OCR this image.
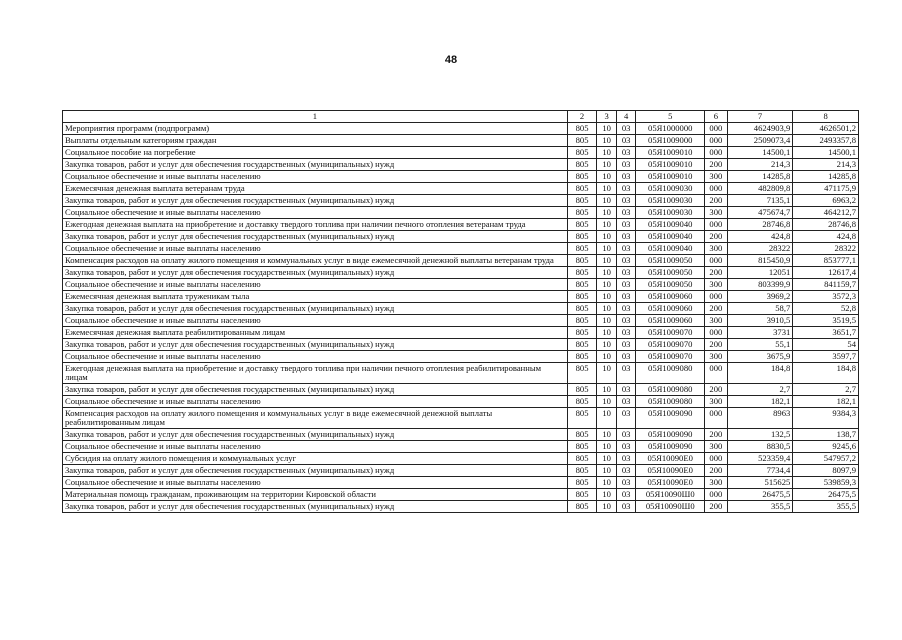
48
1	2	3	4	5	6	7	8
Мероприятия программ (подпрограмм)	805	10	03	05Я1000000	000	4624903,9	4626501,2
Выплаты отдельным категориям граждан	805	10	03	05Я1009000	000	2509073,4	2493357,8
Социальное пособие на погребение	805	10	03	05Я1009010	000	14500,1	14500,1
Закупка товаров, работ и услуг для обеспечения государственных (муниципальных) нужд	805	10	03	05Я1009010	200	214,3	214,3
Социальное обеспечение и иные выплаты населению	805	10	03	05Я1009010	300	14285,8	14285,8
Ежемесячная денежная выплата ветеранам труда	805	10	03	05Я1009030	000	482809,8	471175,9
Закупка товаров, работ и услуг для обеспечения государственных (муниципальных) нужд	805	10	03	05Я1009030	200	7135,1	6963,2
Социальное обеспечение и иные выплаты населению	805	10	03	05Я1009030	300	475674,7	464212,7
Ежегодная денежная выплата на приобретение и доставку твердого топлива при наличии печного отопления ветеранам труда	805	10	03	05Я1009040	000	28746,8	28746,8
Закупка товаров, работ и услуг для обеспечения государственных (муниципальных) нужд	805	10	03	05Я1009040	200	424,8	424,8
Социальное обеспечение и иные выплаты населению	805	10	03	05Я1009040	300	28322	28322
Компенсация расходов на оплату жилого помещения и коммунальных услуг в виде ежемесячной денежной выплаты ветеранам труда	805	10	03	05Я1009050	000	815450,9	853777,1
Закупка товаров, работ и услуг для обеспечения государственных (муниципальных) нужд	805	10	03	05Я1009050	200	12051	12617,4
Социальное обеспечение и иные выплаты населению	805	10	03	05Я1009050	300	803399,9	841159,7
Ежемесячная денежная выплата труженикам тыла	805	10	03	05Я1009060	000	3969,2	3572,3
Закупка товаров, работ и услуг для обеспечения государственных (муниципальных) нужд	805	10	03	05Я1009060	200	58,7	52,8
Социальное обеспечение и иные выплаты населению	805	10	03	05Я1009060	300	3910,5	3519,5
Ежемесячная денежная выплата реабилитированным лицам	805	10	03	05Я1009070	000	3731	3651,7
Закупка товаров, работ и услуг для обеспечения государственных (муниципальных) нужд	805	10	03	05Я1009070	200	55,1	54
Социальное обеспечение и иные выплаты населению	805	10	03	05Я1009070	300	3675,9	3597,7
Ежегодная денежная выплата на приобретение и доставку твердого топлива при наличии печного отопления реабилитированным лицам	805	10	03	05Я1009080	000	184,8	184,8
Закупка товаров, работ и услуг для обеспечения государственных (муниципальных) нужд	805	10	03	05Я1009080	200	2,7	2,7
Социальное обеспечение и иные выплаты населению	805	10	03	05Я1009080	300	182,1	182,1
Компенсация расходов на оплату жилого помещения и коммунальных услуг в виде ежемесячной денежной выплаты реабилитированным лицам	805	10	03	05Я1009090	000	8963	9384,3
Закупка товаров, работ и услуг для обеспечения государственных (муниципальных) нужд	805	10	03	05Я1009090	200	132,5	138,7
Социальное обеспечение и иные выплаты населению	805	10	03	05Я1009090	300	8830,5	9245,6
Субсидия на оплату жилого помещения и коммунальных услуг	805	10	03	05Я10090Е0	000	523359,4	547957,2
Закупка товаров, работ и услуг для обеспечения государственных (муниципальных) нужд	805	10	03	05Я10090Е0	200	7734,4	8097,9
Социальное обеспечение и иные выплаты населению	805	10	03	05Я10090Е0	300	515625	539859,3
Материальная помощь гражданам, проживающим на территории Кировской области	805	10	03	05Я10090Ш0	000	26475,5	26475,5
Закупка товаров, работ и услуг для обеспечения государственных (муниципальных) нужд	805	10	03	05Я10090Ш0	200	355,5	355,5
